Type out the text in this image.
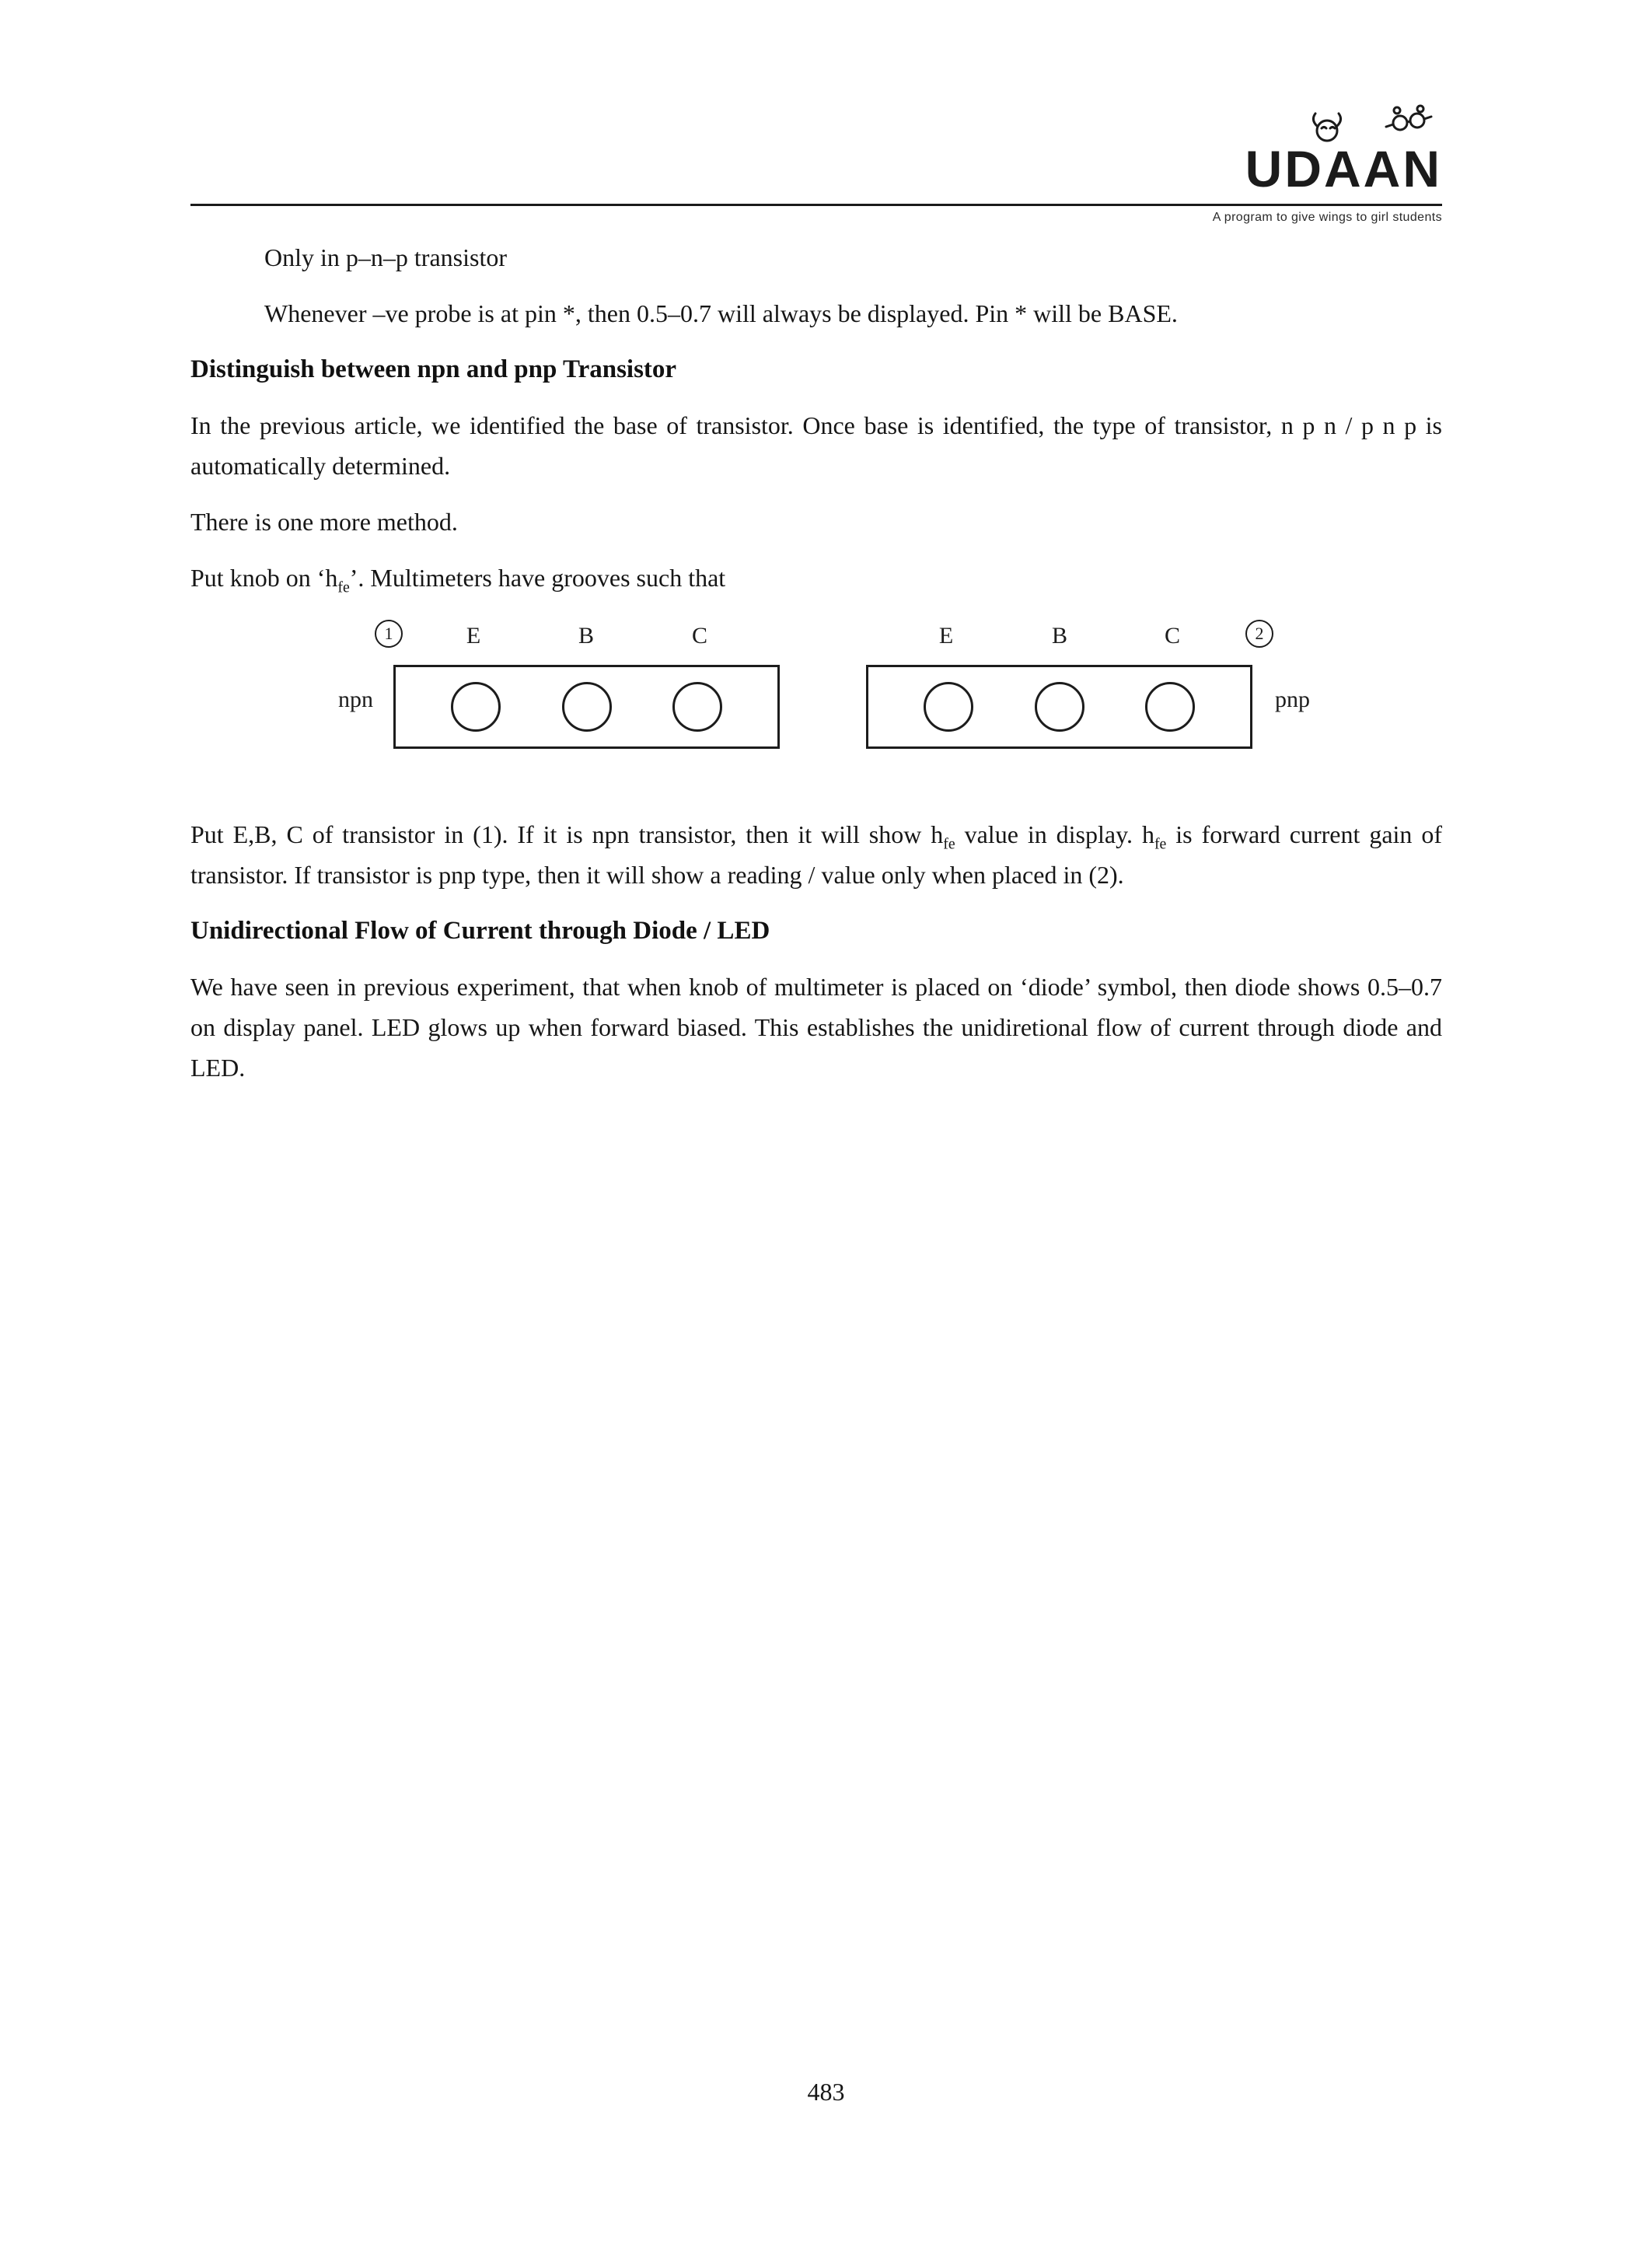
UDAAN
A program to give wings to girl students

Only in p–n–p transistor

Whenever –ve probe is at pin *, then 0.5–0.7 will always be displayed. Pin * will be BASE.

Distinguish between npn and pnp Transistor

In the previous article, we identified the base of transistor. Once base is identified, the type of transistor, n p n / p n p is automatically determined.

There is one more method.

Put knob on ‘$h_{fe}$’. Multimeters have grooves such that

1	E	B	C
npn
E	B	C	2
pnp

Put E,B, C of transistor in (1). If it is npn transistor, then it will show $h_{fe}$ value in display. $h_{fe}$ is forward current gain of transistor. If transistor is pnp type, then it will show a reading / value only when placed in (2).

Unidirectional Flow of Current through Diode / LED

We have seen in previous experiment, that when knob of multimeter is placed on ‘diode’ symbol, then diode shows 0.5–0.7 on display panel. LED glows up when forward biased. This establishes the unidiretional flow of current through diode and LED.

483
